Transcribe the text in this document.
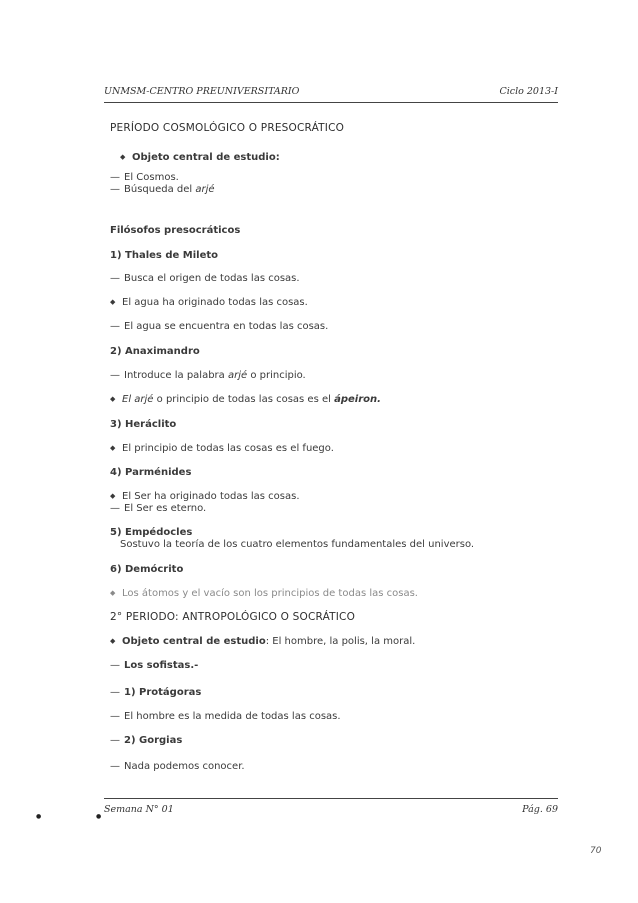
UNMSM-CENTRO PREUNIVERSITARIO	Ciclo 2013-I
PERÍODO COSMOLÓGICO O PRESOCRÁTICO
◆ Objeto central de estudio:
— El Cosmos.
— Búsqueda del arjé
Filósofos presocráticos
1) Thales de Mileto
— Busca el origen de todas las cosas.
◆ El agua ha originado todas las cosas.
— El agua se encuentra en todas las cosas.
2) Anaximandro
— Introduce la palabra arjé o principio.
◆ El arjé o principio de todas las cosas es el ápeiron.
3) Heráclito
◆ El principio de todas las cosas es el fuego.
4) Parménides
◆ El Ser ha originado todas las cosas.
— El Ser es eterno.
5) Empédocles
Sostuvo la teoría de los cuatro elementos fundamentales del universo.
6) Demócrito
◆ Los átomos y el vacío son los principios de todas las cosas.
2° PERIODO: ANTROPOLÓGICO O SOCRÁTICO
◆ Objeto central de estudio: El hombre, la polis, la moral.
— Los sofistas.-
— 1) Protágoras
— El hombre es la medida de todas las cosas.
— 2) Gorgias
— Nada podemos conocer.
Semana N° 01	Pág. 69
●	●
70
